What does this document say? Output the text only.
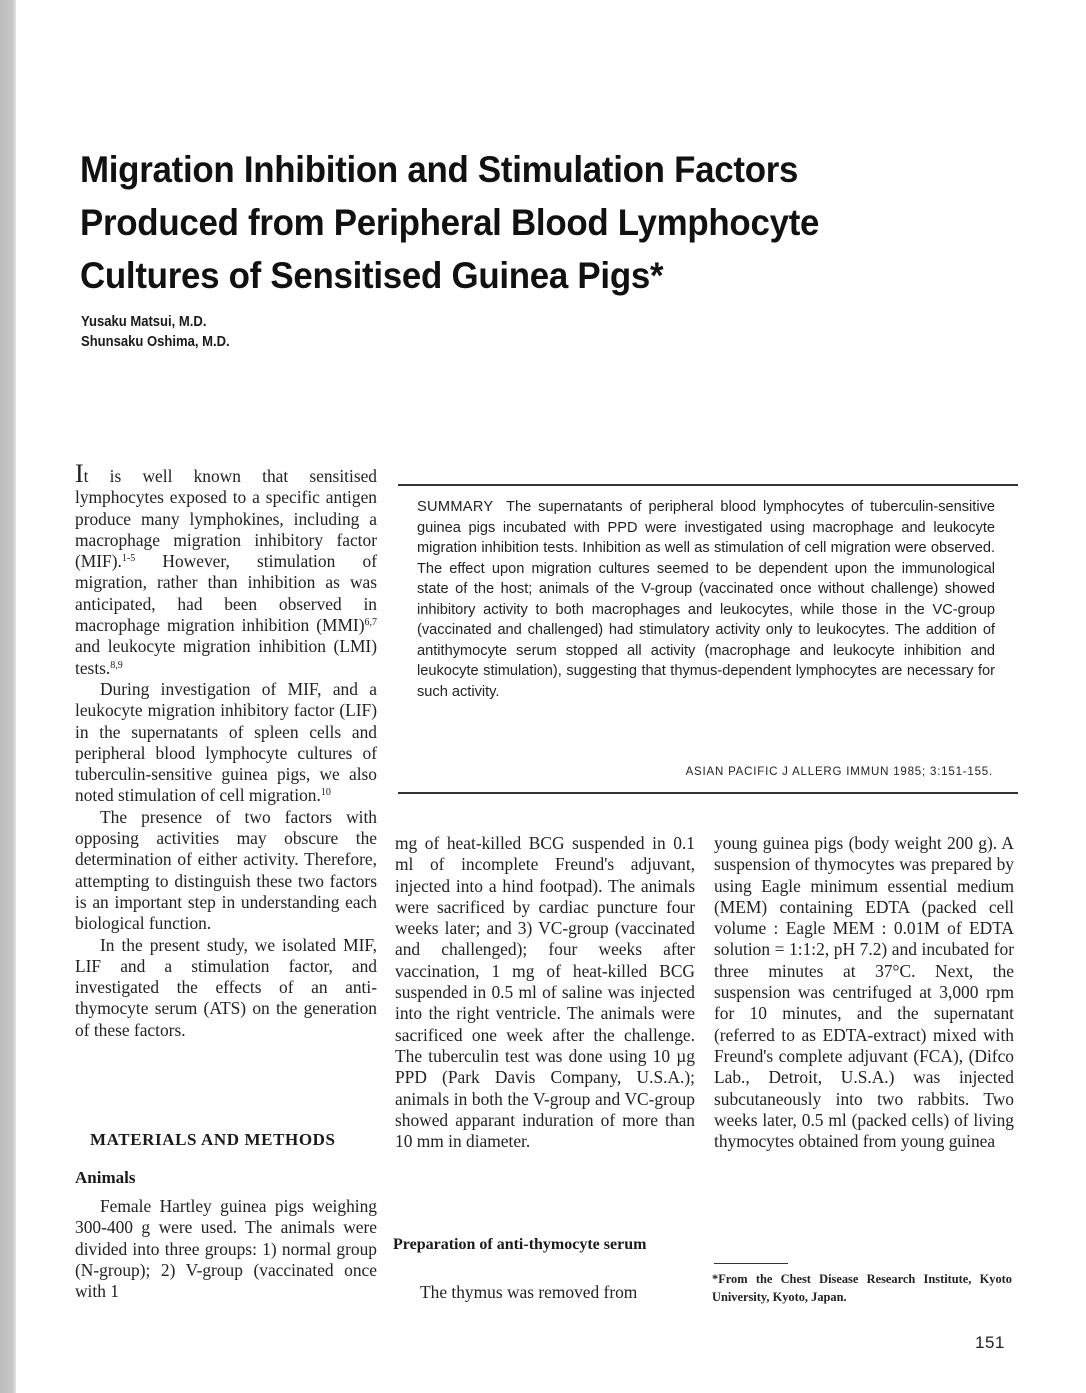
Migration Inhibition and Stimulation Factors
Produced from Peripheral Blood Lymphocyte
Cultures of Sensitised Guinea Pigs*
Yusaku Matsui, M.D.
Shunsaku Oshima, M.D.

It is well known that sensitised lymphocytes exposed to a specific antigen produce many lymphokines, including a macrophage migration inhibitory factor (MIF).$^{1-5}$ However, stimulation of migration, rather than inhibition as was anticipated, had been observed in macrophage migration inhibition (MMI)$^{6,7}$ and leukocyte migration inhibition (LMI) tests.$^{8,9}$

During investigation of MIF, and a leukocyte migration inhibitory factor (LIF) in the supernatants of spleen cells and peripheral blood lymphocyte cultures of tuberculin-sensitive guinea pigs, we also noted stimulation of cell migration.$^{10}$

The presence of two factors with opposing activities may obscure the determination of either activity. Therefore, attempting to distinguish these two factors is an important step in understanding each biological function.

In the present study, we isolated MIF, LIF and a stimulation factor, and investigated the effects of an anti-thymocyte serum (ATS) on the generation of these factors.

MATERIALS AND METHODS
Animals

Female Hartley guinea pigs weighing 300-400 g were used. The animals were divided into three groups: 1) normal group (N-group); 2) V-group (vaccinated once with 1

SUMMARY The supernatants of peripheral blood lymphocytes of tuberculin-sensitive guinea pigs incubated with PPD were investigated using macrophage and leukocyte migration inhibition tests. Inhibition as well as stimulation of cell migration were observed. The effect upon migration cultures seemed to be dependent upon the immunological state of the host; animals of the V-group (vaccinated once without challenge) showed inhibitory activity to both macrophages and leukocytes, while those in the VC-group (vaccinated and challenged) had stimulatory activity only to leukocytes. The addition of antithymocyte serum stopped all activity (macrophage and leukocyte inhibition and leukocyte stimulation), suggesting that thymus-dependent lymphocytes are necessary for such activity.
ASIAN PACIFIC J ALLERG IMMUN 1985; 3:151-155.

mg of heat-killed BCG suspended in 0.1 ml of incomplete Freund's adjuvant, injected into a hind footpad). The animals were sacrificed by cardiac puncture four weeks later; and 3) VC-group (vaccinated and challenged); four weeks after vaccination, 1 mg of heat-killed BCG suspended in 0.5 ml of saline was injected into the right ventricle. The animals were sacrificed one week after the challenge. The tuberculin test was done using 10 µg PPD (Park Davis Company, U.S.A.); animals in both the V-group and VC-group showed apparant induration of more than 10 mm in diameter.

Preparation of anti-thymocyte serum

The thymus was removed from

young guinea pigs (body weight 200 g). A suspension of thymocytes was prepared by using Eagle minimum essential medium (MEM) containing EDTA (packed cell volume : Eagle MEM : 0.01M of EDTA solution = 1:1:2, pH 7.2) and incubated for three minutes at 37°C. Next, the suspension was centrifuged at 3,000 rpm for 10 minutes, and the supernatant (referred to as EDTA-extract) mixed with Freund's complete adjuvant (FCA), (Difco Lab., Detroit, U.S.A.) was injected subcutaneously into two rabbits. Two weeks later, 0.5 ml (packed cells) of living thymocytes obtained from young guinea

*From the Chest Disease Research Institute, Kyoto University, Kyoto, Japan.
151
